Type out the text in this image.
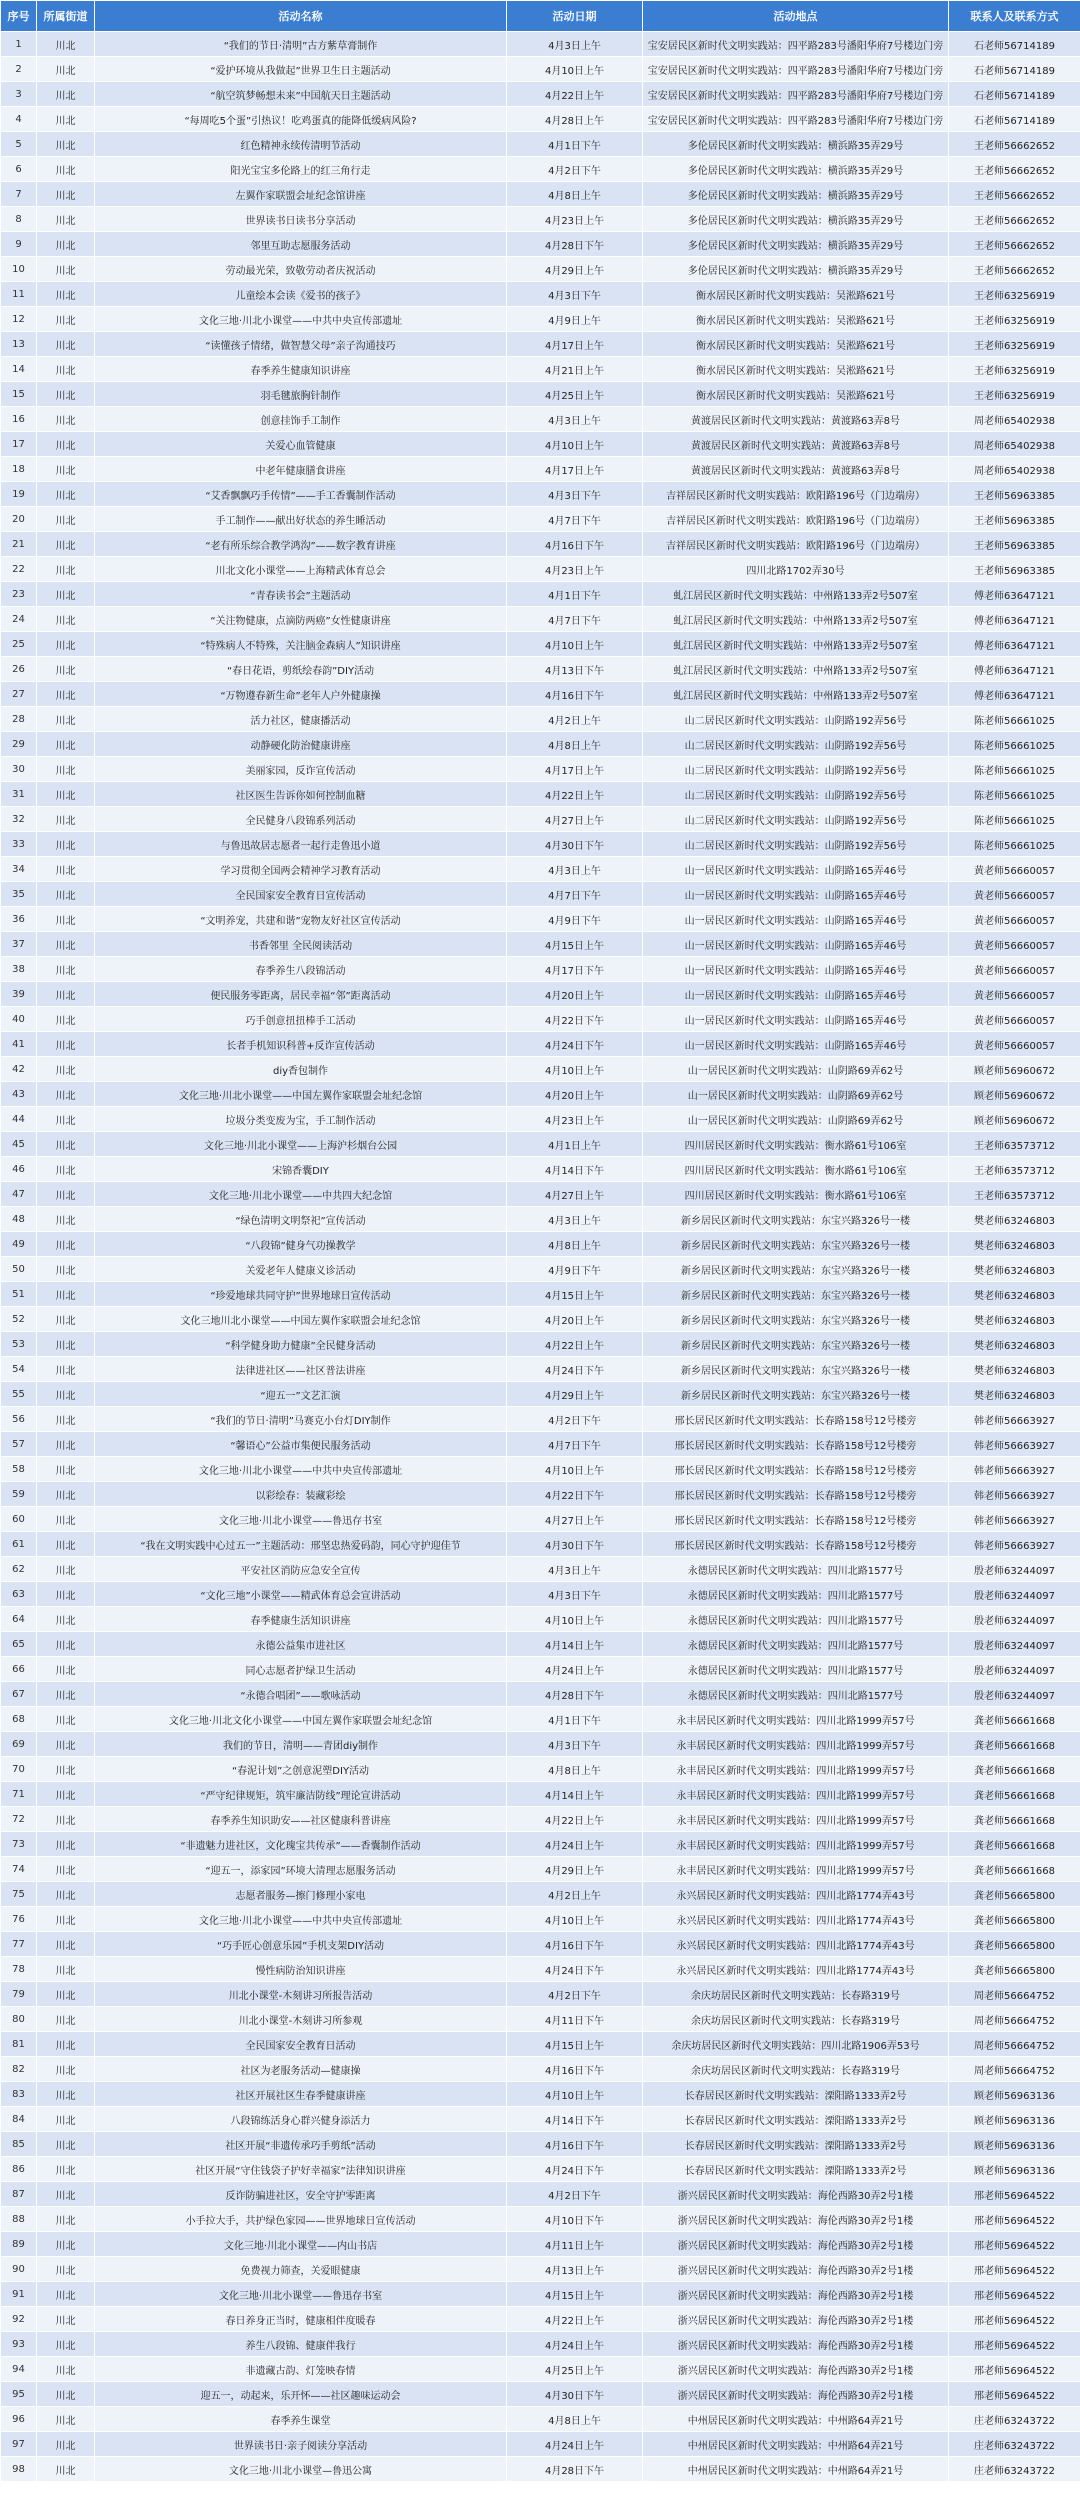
序号	所属街道	活动名称	活动日期	活动地点	联系人及联系方式
1	川北	“我们的节日·清明”古方紫草膏制作	4月3日上午	宝安居民区新时代文明实践站：四平路283号潘阳华府7号楼边门旁	石老师56714189
2	川北	“爱护环境从我做起”世界卫生日主题活动	4月10日上午	宝安居民区新时代文明实践站：四平路283号潘阳华府7号楼边门旁	石老师56714189
3	川北	“航空筑梦畅想未来”中国航天日主题活动	4月22日上午	宝安居民区新时代文明实践站：四平路283号潘阳华府7号楼边门旁	石老师56714189
4	川北	“每周吃5个蛋”引热议！吃鸡蛋真的能降低缓病风险?	4月28日上午	宝安居民区新时代文明实践站：四平路283号潘阳华府7号楼边门旁	石老师56714189
5	川北	红色精神永续传清明节活动	4月1日下午	多伦居民区新时代文明实践站：横浜路35弄29号	王老师56662652
6	川北	阳光宝宝多伦路上的红三角行走	4月2日下午	多伦居民区新时代文明实践站：横浜路35弄29号	王老师56662652
7	川北	左翼作家联盟会址纪念馆讲座	4月8日上午	多伦居民区新时代文明实践站：横浜路35弄29号	王老师56662652
8	川北	世界读书日读书分享活动	4月23日上午	多伦居民区新时代文明实践站：横浜路35弄29号	王老师56662652
9	川北	邻里互助志愿服务活动	4月28日下午	多伦居民区新时代文明实践站：横浜路35弄29号	王老师56662652
10	川北	劳动最光荣，致敬劳动者庆祝活动	4月29日上午	多伦居民区新时代文明实践站：横浜路35弄29号	王老师56662652
11	川北	儿童绘本会读《爱书的孩子》	4月3日下午	衡水居民区新时代文明实践站：吴淞路621号	王老师63256919
12	川北	文化三地·川北小课堂——中共中央宣传部遗址	4月9日上午	衡水居民区新时代文明实践站：吴淞路621号	王老师63256919
13	川北	“读懂孩子情绪，做智慧父母”亲子沟通技巧	4月17日上午	衡水居民区新时代文明实践站：吴淞路621号	王老师63256919
14	川北	春季养生健康知识讲座	4月21日上午	衡水居民区新时代文明实践站：吴淞路621号	王老师63256919
15	川北	羽毛毽旅胸针制作	4月25日上午	衡水居民区新时代文明实践站：吴淞路621号	王老师63256919
16	川北	创意挂饰手工制作	4月3日上午	黄渡居民区新时代文明实践站：黄渡路63弄8号	周老师65402938
17	川北	关爱心血管健康	4月10日上午	黄渡居民区新时代文明实践站：黄渡路63弄8号	周老师65402938
18	川北	中老年健康膳食讲座	4月17日上午	黄渡居民区新时代文明实践站：黄渡路63弄8号	周老师65402938
19	川北	“艾香飘飘巧手传情”——手工香囊制作活动	4月3日下午	吉祥居民区新时代文明实践站：欧阳路196号（门边端房）	王老师56963385
20	川北	手工制作——献出好状态的养生睡活动	4月7日下午	吉祥居民区新时代文明实践站：欧阳路196号（门边端房）	王老师56963385
21	川北	“老有所乐综合教学鸿沟”——数字教育讲座	4月16日下午	吉祥居民区新时代文明实践站：欧阳路196号（门边端房）	王老师56963385
22	川北	川北文化小课堂——上海精武体育总会	4月23日上午	四川北路1702弄30号	王老师56963385
23	川北	“青春读书会”主题活动	4月1日下午	虬江居民区新时代文明实践站：中州路133弄2号507室	傅老师63647121
24	川北	“关注物健康，点滴防两癌”女性健康讲座	4月7日下午	虬江居民区新时代文明实践站：中州路133弄2号507室	傅老师63647121
25	川北	“特殊病人不特殊，关注脑金森病人”知识讲座	4月10日上午	虬江居民区新时代文明实践站：中州路133弄2号507室	傅老师63647121
26	川北	“春日花语，剪纸绘春韵”DIY活动	4月13日下午	虬江居民区新时代文明实践站：中州路133弄2号507室	傅老师63647121
27	川北	“万物遵春新生命”老年人户外健康操	4月16日下午	虬江居民区新时代文明实践站：中州路133弄2号507室	傅老师63647121
28	川北	活力社区，健康播活动	4月2日上午	山二居民区新时代文明实践站：山阴路192弄56号	陈老师56661025
29	川北	动静硬化防治健康讲座	4月8日上午	山二居民区新时代文明实践站：山阴路192弄56号	陈老师56661025
30	川北	美丽家园，反诈宣传活动	4月17日上午	山二居民区新时代文明实践站：山阴路192弄56号	陈老师56661025
31	川北	社区医生告诉你如何控制血糖	4月22日上午	山二居民区新时代文明实践站：山阴路192弄56号	陈老师56661025
32	川北	全民健身八段锦系列活动	4月27日上午	山二居民区新时代文明实践站：山阴路192弄56号	陈老师56661025
33	川北	与鲁迅故居志愿者一起行走鲁迅小道	4月30日下午	山二居民区新时代文明实践站：山阴路192弄56号	陈老师56661025
34	川北	学习贯彻全国两会精神学习教育活动	4月3日上午	山一居民区新时代文明实践站：山阴路165弄46号	黄老师56660057
35	川北	全民国家安全教育日宣传活动	4月7日下午	山一居民区新时代文明实践站：山阴路165弄46号	黄老师56660057
36	川北	“文明养宠，共建和谐”宠物友好社区宣传活动	4月9日下午	山一居民区新时代文明实践站：山阴路165弄46号	黄老师56660057
37	川北	书香邻里 全民阅读活动	4月15日上午	山一居民区新时代文明实践站：山阴路165弄46号	黄老师56660057
38	川北	春季养生八段锦活动	4月17日下午	山一居民区新时代文明实践站：山阴路165弄46号	黄老师56660057
39	川北	便民服务零距离，居民幸福“邻”距离活动	4月20日上午	山一居民区新时代文明实践站：山阴路165弄46号	黄老师56660057
40	川北	巧手创意扭扭棒手工活动	4月22日下午	山一居民区新时代文明实践站：山阴路165弄46号	黄老师56660057
41	川北	长者手机知识科普+反诈宣传活动	4月24日下午	山一居民区新时代文明实践站：山阴路165弄46号	黄老师56660057
42	川北	diy香包制作	4月10日上午	山一居民区新时代文明实践站：山阴路69弄62号	顾老师56960672
43	川北	文化三地·川北小课堂——中国左翼作家联盟会址纪念馆	4月20日上午	山一居民区新时代文明实践站：山阴路69弄62号	顾老师56960672
44	川北	垃圾分类变废为宝，手工制作活动	4月23日上午	山一居民区新时代文明实践站：山阴路69弄62号	顾老师56960672
45	川北	文化三地·川北小课堂——上海沪杉烟台公园	4月1日上午	四川居民区新时代文明实践站：衡水路61号106室	王老师63573712
46	川北	宋锦香囊DIY	4月14日下午	四川居民区新时代文明实践站：衡水路61号106室	王老师63573712
47	川北	文化三地·川北小课堂——中共四大纪念馆	4月27日上午	四川居民区新时代文明实践站：衡水路61号106室	王老师63573712
48	川北	“绿色清明文明祭祀”宣传活动	4月3日上午	新乡居民区新时代文明实践站：东宝兴路326号一楼	樊老师63246803
49	川北	“八段锦”健身气功操教学	4月8日上午	新乡居民区新时代文明实践站：东宝兴路326号一楼	樊老师63246803
50	川北	关爱老年人健康义诊活动	4月9日下午	新乡居民区新时代文明实践站：东宝兴路326号一楼	樊老师63246803
51	川北	“珍爱地球共同守护”世界地球日宣传活动	4月15日上午	新乡居民区新时代文明实践站：东宝兴路326号一楼	樊老师63246803
52	川北	文化三地川北小课堂——中国左翼作家联盟会址纪念馆	4月20日上午	新乡居民区新时代文明实践站：东宝兴路326号一楼	樊老师63246803
53	川北	“科学健身助力健康”全民健身活动	4月22日上午	新乡居民区新时代文明实践站：东宝兴路326号一楼	樊老师63246803
54	川北	法律进社区——社区普法讲座	4月24日下午	新乡居民区新时代文明实践站：东宝兴路326号一楼	樊老师63246803
55	川北	“迎五一”文艺汇演	4月29日上午	新乡居民区新时代文明实践站：东宝兴路326号一楼	樊老师63246803
56	川北	“我们的节日·清明”马赛克小台灯DIY制作	4月2日下午	邢长居民区新时代文明实践站：长春路158号12号楼旁	韩老师56663927
57	川北	“馨语心”公益市集便民服务活动	4月7日下午	邢长居民区新时代文明实践站：长春路158号12号楼旁	韩老师56663927
58	川北	文化三地·川北小课堂——中共中央宣传部遗址	4月10日上午	邢长居民区新时代文明实践站：长春路158号12号楼旁	韩老师56663927
59	川北	以彩绘春：装藏彩绘	4月22日下午	邢长居民区新时代文明实践站：长春路158号12号楼旁	韩老师56663927
60	川北	文化三地·川北小课堂——鲁迅存书室	4月27日上午	邢长居民区新时代文明实践站：长春路158号12号楼旁	韩老师56663927
61	川北	“我在文明实践中心过五一”主题活动：邢坚忠热爱码韵，同心守护迎佳节	4月30日下午	邢长居民区新时代文明实践站：长春路158号12号楼旁	韩老师56663927
62	川北	平安社区消防应急安全宣传	4月3日上午	永德居民区新时代文明实践站：四川北路1577号	殷老师63244097
63	川北	“文化三地”小课堂——精武体育总会宣讲活动	4月3日下午	永德居民区新时代文明实践站：四川北路1577号	殷老师63244097
64	川北	春季健康生活知识讲座	4月10日上午	永德居民区新时代文明实践站：四川北路1577号	殷老师63244097
65	川北	永德公益集市进社区	4月14日上午	永德居民区新时代文明实践站：四川北路1577号	殷老师63244097
66	川北	同心志愿者护绿卫生活动	4月24日上午	永德居民区新时代文明实践站：四川北路1577号	殷老师63244097
67	川北	“永德合唱团”——歌咏活动	4月28日下午	永德居民区新时代文明实践站：四川北路1577号	殷老师63244097
68	川北	文化三地·川北文化小课堂——中国左翼作家联盟会址纪念馆	4月1日下午	永丰居民区新时代文明实践站：四川北路1999弄57号	龚老师56661668
69	川北	我们的节日，清明——青团diy制作	4月3日下午	永丰居民区新时代文明实践站：四川北路1999弄57号	龚老师56661668
70	川北	“春泥计划”之创意泥塑DIY活动	4月8日上午	永丰居民区新时代文明实践站：四川北路1999弄57号	龚老师56661668
71	川北	“严守纪律规矩，筑牢廉洁防线”理论宣讲活动	4月14日上午	永丰居民区新时代文明实践站：四川北路1999弄57号	龚老师56661668
72	川北	春季养生知识助安——社区健康科普讲座	4月22日上午	永丰居民区新时代文明实践站：四川北路1999弄57号	龚老师56661668
73	川北	“非遗魅力进社区，文化瑰宝共传承”——香囊制作活动	4月24日上午	永丰居民区新时代文明实践站：四川北路1999弄57号	龚老师56661668
74	川北	“迎五一，添家园”环境大清理志愿服务活动	4月29日上午	永丰居民区新时代文明实践站：四川北路1999弄57号	龚老师56661668
75	川北	志愿者服务—擦门修理小家电	4月2日上午	永兴居民区新时代文明实践站：四川北路1774弄43号	龚老师56665800
76	川北	文化三地·川北小课堂——中共中央宣传部遗址	4月10日上午	永兴居民区新时代文明实践站：四川北路1774弄43号	龚老师56665800
77	川北	“巧手匠心创意乐园”手机支架DIY活动	4月16日下午	永兴居民区新时代文明实践站：四川北路1774弄43号	龚老师56665800
78	川北	慢性病防治知识讲座	4月24日下午	永兴居民区新时代文明实践站：四川北路1774弄43号	龚老师56665800
79	川北	川北小课堂-木刻讲习所报告活动	4月2日下午	余庆坊居民区新时代文明实践站：长春路319号	周老师56664752
80	川北	川北小课堂-木刻讲习所参观	4月11日下午	余庆坊居民区新时代文明实践站：长春路319号	周老师56664752
81	川北	全民国家安全教育日活动	4月15日上午	余庆坊居民区新时代文明实践站：四川北路1906弄53号	周老师56664752
82	川北	社区为老服务活动—健康操	4月16日下午	余庆坊居民区新时代文明实践站：长春路319号	周老师56664752
83	川北	社区开展社区生春季健康讲座	4月10日上午	长春居民区新时代文明实践站：溧阳路1333弄2号	顾老师56963136
84	川北	八段锦练活身心群兴健身添活力	4月14日下午	长春居民区新时代文明实践站：溧阳路1333弄2号	顾老师56963136
85	川北	社区开展“非遗传承巧手剪纸”活动	4月16日下午	长春居民区新时代文明实践站：溧阳路1333弄2号	顾老师56963136
86	川北	社区开展“守住钱袋子护好幸福家”法律知识讲座	4月24日下午	长春居民区新时代文明实践站：溧阳路1333弄2号	顾老师56963136
87	川北	反诈防骗进社区，安全守护零距离	4月2日下午	浙兴居民区新时代文明实践站：海伦西路30弄2号1楼	邢老师56964522
88	川北	小手拉大手，共护绿色家园——世界地球日宣传活动	4月10日下午	浙兴居民区新时代文明实践站：海伦西路30弄2号1楼	邢老师56964522
89	川北	文化三地·川北小课堂——内山书店	4月11日上午	浙兴居民区新时代文明实践站：海伦西路30弄2号1楼	邢老师56964522
90	川北	免费视力筛查，关爱眼健康	4月13日上午	浙兴居民区新时代文明实践站：海伦西路30弄2号1楼	邢老师56964522
91	川北	文化三地·川北小课堂——鲁迅存书室	4月15日上午	浙兴居民区新时代文明实践站：海伦西路30弄2号1楼	邢老师56964522
92	川北	春日养身正当时，健康相伴度暖春	4月22日上午	浙兴居民区新时代文明实践站：海伦西路30弄2号1楼	邢老师56964522
93	川北	养生八段锦、健康伴我行	4月24日上午	浙兴居民区新时代文明实践站：海伦西路30弄2号1楼	邢老师56964522
94	川北	非遗藏古韵、灯笼映春情	4月25日上午	浙兴居民区新时代文明实践站：海伦西路30弄2号1楼	邢老师56964522
95	川北	迎五一，动起来，乐开怀——社区趣味运动会	4月30日下午	浙兴居民区新时代文明实践站：海伦西路30弄2号1楼	邢老师56964522
96	川北	春季养生课堂	4月8日上午	中州居民区新时代文明实践站：中州路64弄21号	庄老师63243722
97	川北	世界读书日·亲子阅读分享活动	4月24日上午	中州居民区新时代文明实践站：中州路64弄21号	庄老师63243722
98	川北	文化三地·川北小课堂—鲁迅公寓	4月28日下午	中州居民区新时代文明实践站：中州路64弄21号	庄老师63243722
